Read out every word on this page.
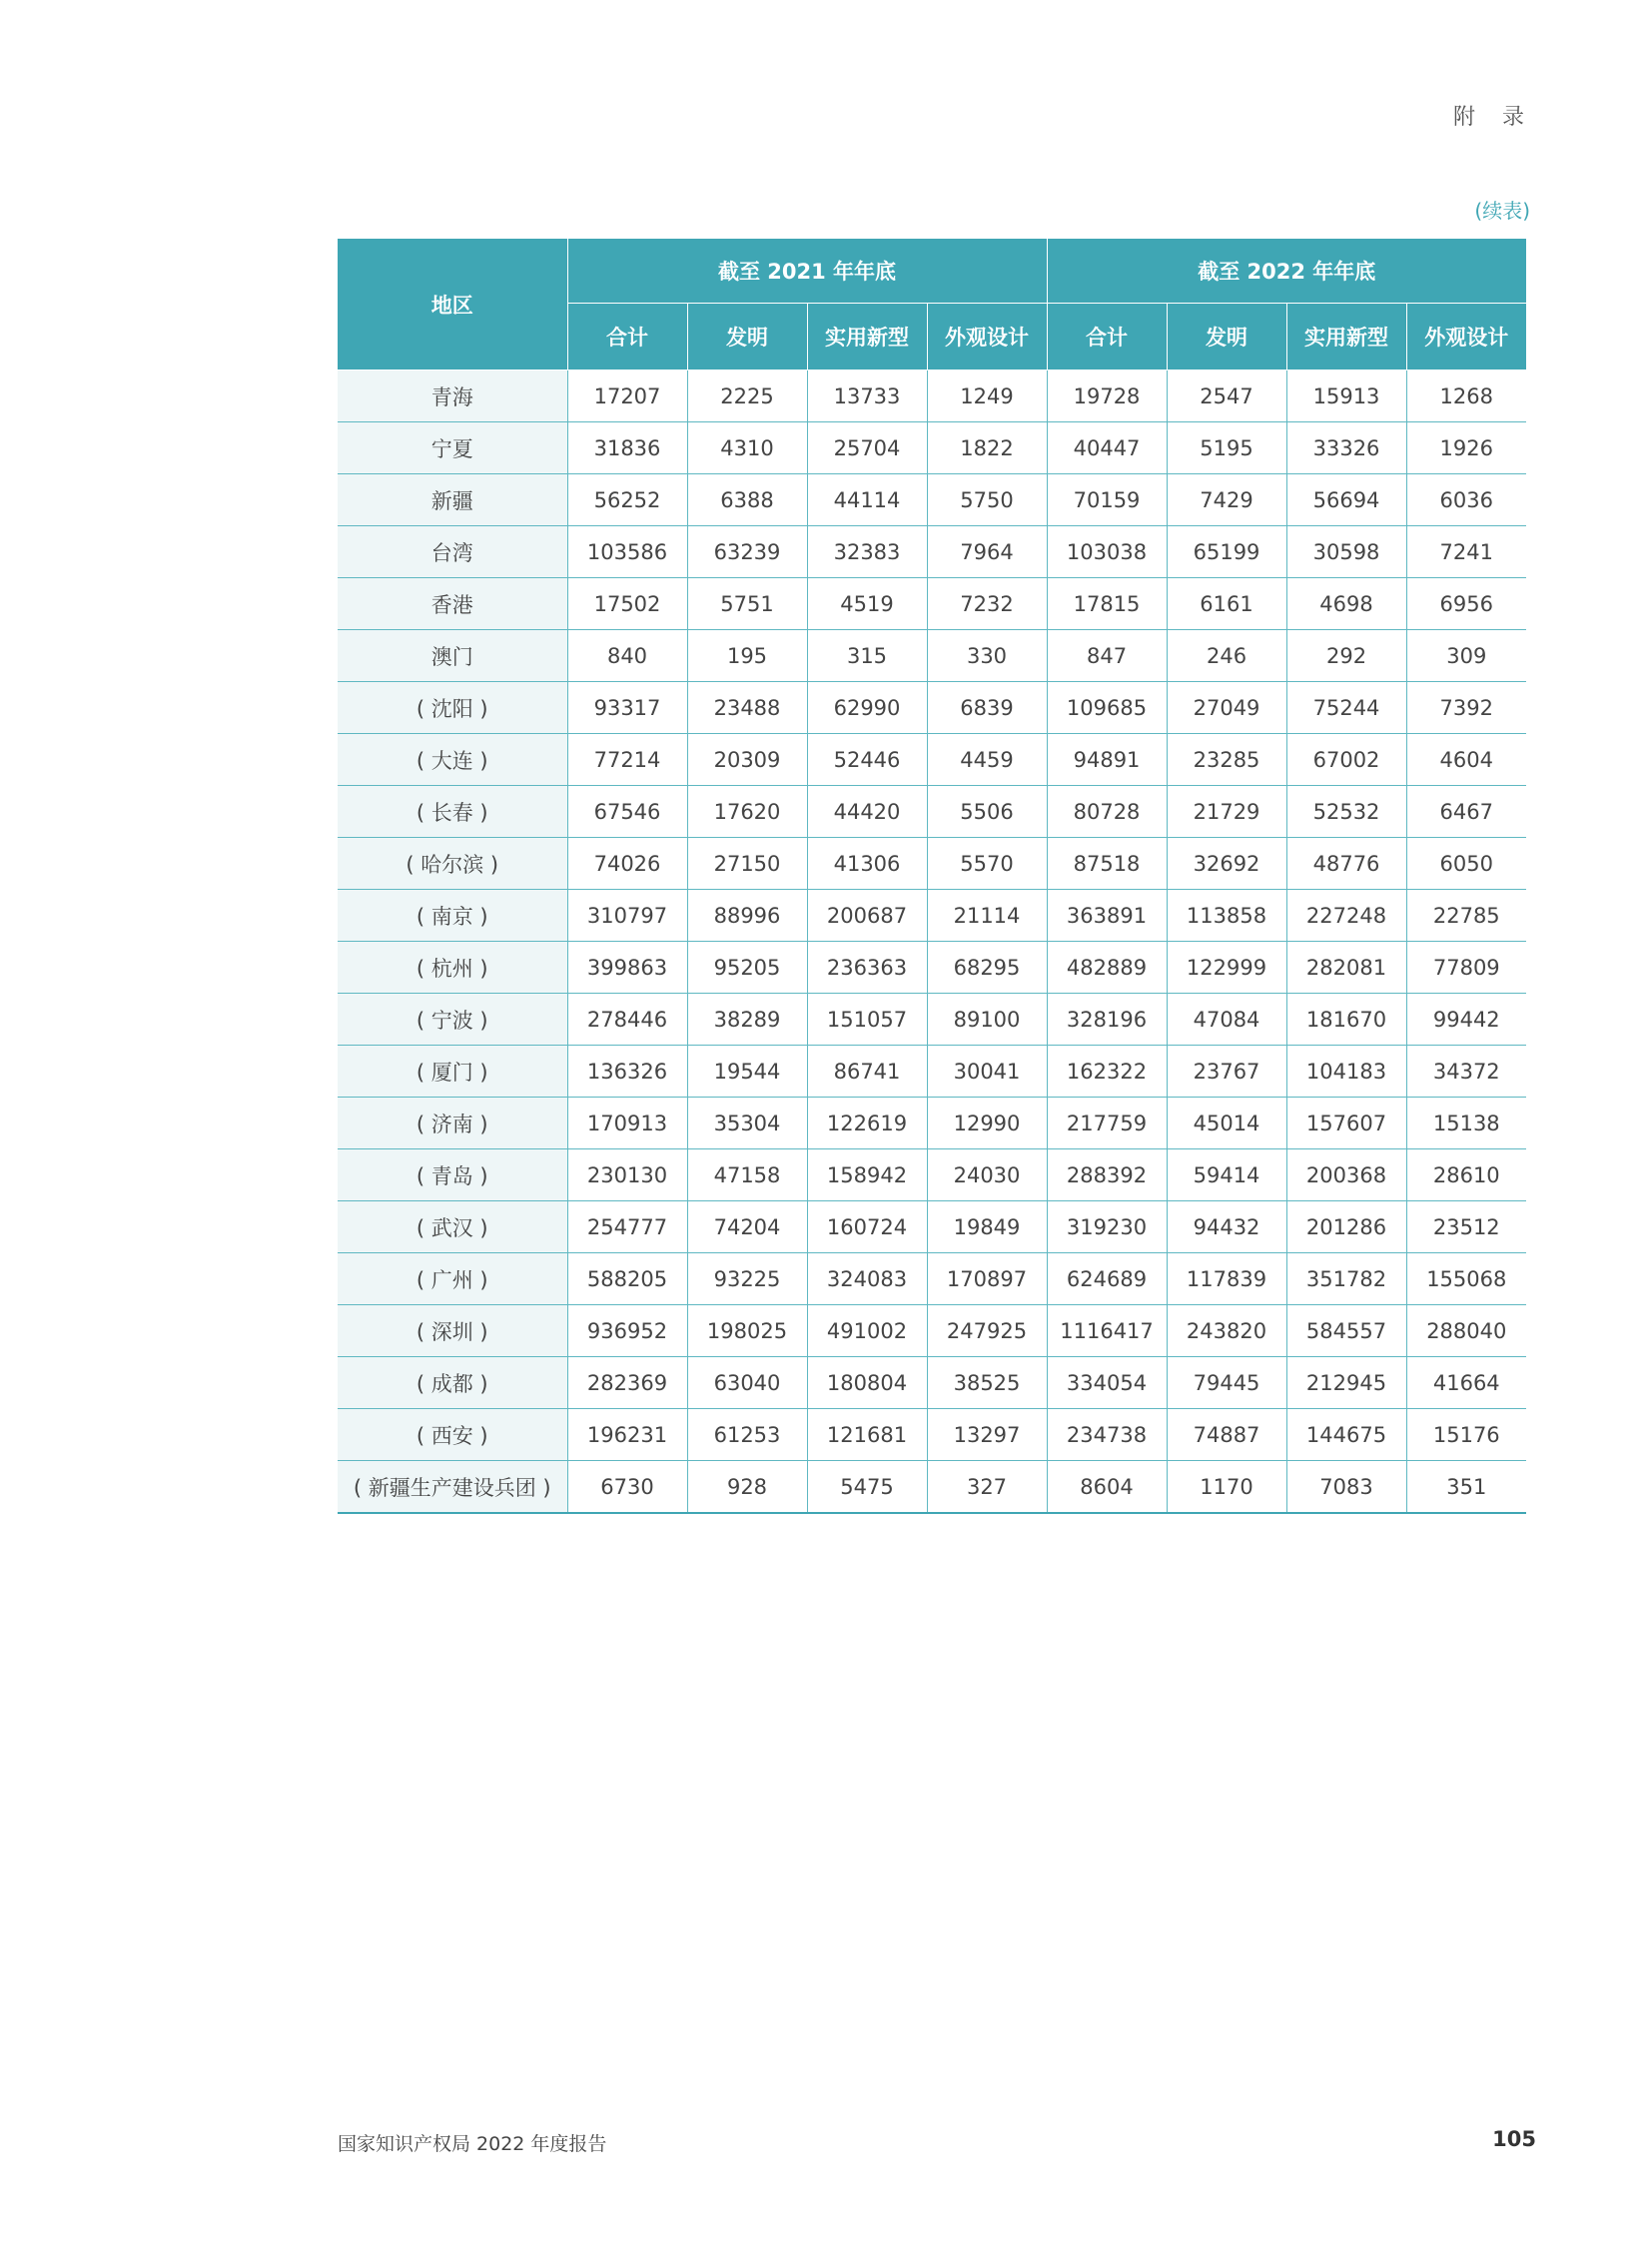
附 录
(续表)
地区	截至 2021 年年底				截至 2022 年年底			
	合计	发明	实用新型	外观设计	合计	发明	实用新型	外观设计
青海	17207	2225	13733	1249	19728	2547	15913	1268
宁夏	31836	4310	25704	1822	40447	5195	33326	1926
新疆	56252	6388	44114	5750	70159	7429	56694	6036
台湾	103586	63239	32383	7964	103038	65199	30598	7241
香港	17502	5751	4519	7232	17815	6161	4698	6956
澳门	840	195	315	330	847	246	292	309
( 沈阳 )	93317	23488	62990	6839	109685	27049	75244	7392
( 大连 )	77214	20309	52446	4459	94891	23285	67002	4604
( 长春 )	67546	17620	44420	5506	80728	21729	52532	6467
( 哈尔滨 )	74026	27150	41306	5570	87518	32692	48776	6050
( 南京 )	310797	88996	200687	21114	363891	113858	227248	22785
( 杭州 )	399863	95205	236363	68295	482889	122999	282081	77809
( 宁波 )	278446	38289	151057	89100	328196	47084	181670	99442
( 厦门 )	136326	19544	86741	30041	162322	23767	104183	34372
( 济南 )	170913	35304	122619	12990	217759	45014	157607	15138
( 青岛 )	230130	47158	158942	24030	288392	59414	200368	28610
( 武汉 )	254777	74204	160724	19849	319230	94432	201286	23512
( 广州 )	588205	93225	324083	170897	624689	117839	351782	155068
( 深圳 )	936952	198025	491002	247925	1116417	243820	584557	288040
( 成都 )	282369	63040	180804	38525	334054	79445	212945	41664
( 西安 )	196231	61253	121681	13297	234738	74887	144675	15176
( 新疆生产建设兵团 )	6730	928	5475	327	8604	1170	7083	351
国家知识产权局 2022 年度报告	105
